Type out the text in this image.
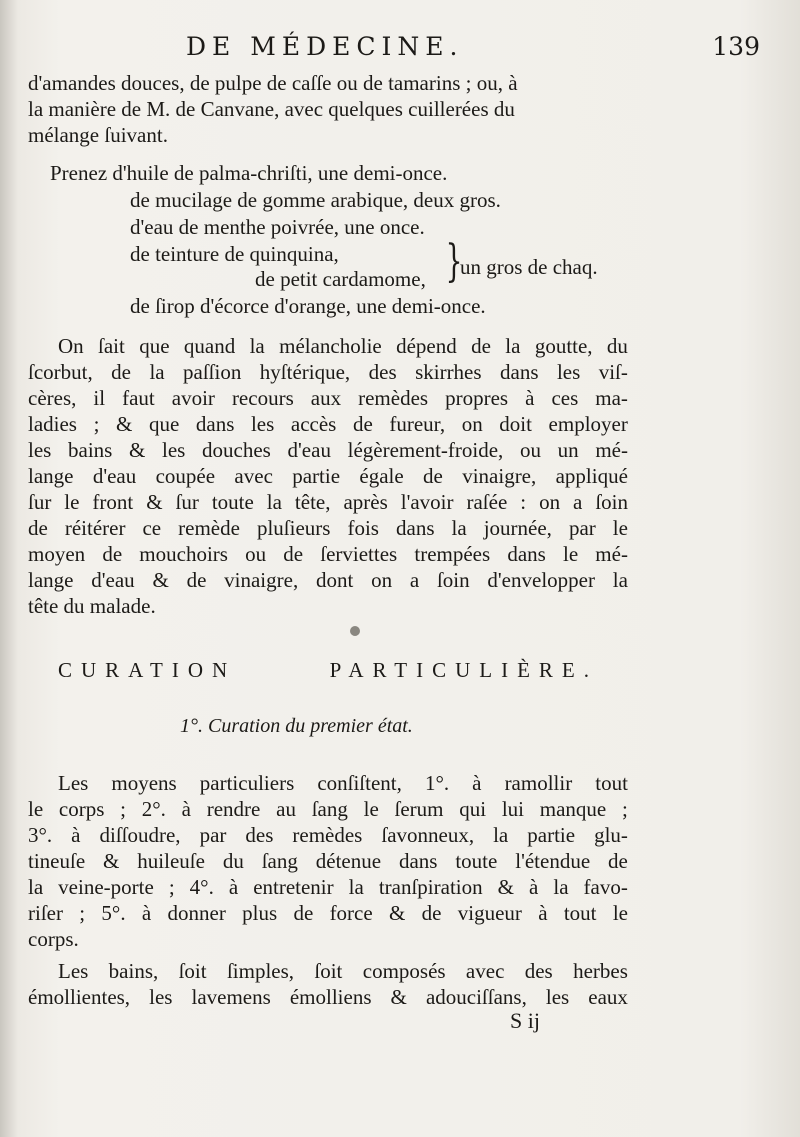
DE MÉDECINE.	139
d'amandes douces, de pulpe de caſſe ou de tamarins ; ou, à
la manière de M. de Canvane, avec quelques cuillerées du
mélange ſuivant.
Prenez d'huile de palma-chriſti, une demi-once.
de mucilage de gomme arabique, deux gros.
d'eau de menthe poivrée, une once.
de teinture de quinquina,
de petit cardamome, un gros de chaq.
de ſirop d'écorce d'orange, une demi-once.
}
On ſait que quand la mélancholie dépend de la goutte, du
ſcorbut, de la paſſion hyſtérique, des skirrhes dans les viſ-
cères, il faut avoir recours aux remèdes propres à ces ma-
ladies ; & que dans les accès de fureur, on doit employer
les bains & les douches d'eau légèrement-froide, ou un mé-
lange d'eau coupée avec partie égale de vinaigre, appliqué
ſur le front & ſur toute la tête, après l'avoir raſée : on a ſoin
de réitérer ce remède pluſieurs fois dans la journée, par le
moyen de mouchoirs ou de ſerviettes trempées dans le mé-
lange d'eau & de vinaigre, dont on a ſoin d'envelopper la
tête du malade.
CURATION	PARTICULIÈRE.
1°. Curation du premier état.
Les moyens particuliers conſiſtent, 1°. à ramollir tout
le corps ; 2°. à rendre au ſang le ſerum qui lui manque ;
3°. à diſſoudre, par des remèdes ſavonneux, la partie glu-
tineuſe & huileuſe du ſang détenue dans toute l'étendue de
la veine-porte ; 4°. à entretenir la tranſpiration & à la favo-
riſer ; 5°. à donner plus de force & de vigueur à tout le
corps.
Les bains, ſoit ſimples, ſoit composés avec des herbes
émollientes, les lavemens émolliens & adouciſſans, les eaux
S ij
